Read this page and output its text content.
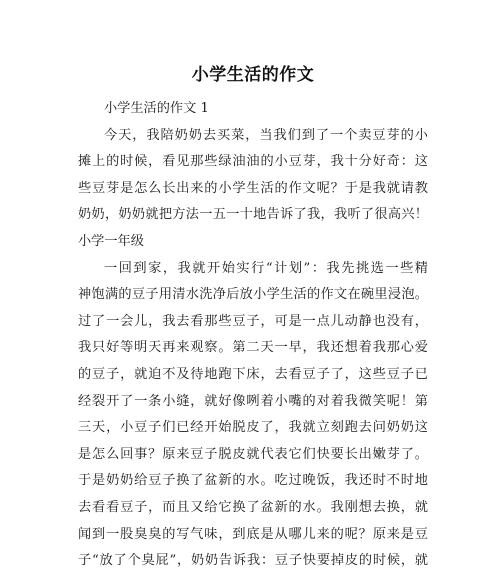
小学生活的作文
小学生活的作文 1
今天，我陪奶奶去买菜，当我们到了一个卖豆芽的小
摊上的时候，看见那些绿油油的小豆芽，我十分好奇：这
些豆芽是怎么长出来的小学生活的作文呢？于是我就请教
奶奶，奶奶就把方法一五一十地告诉了我，我听了很高兴！
小学一年级
一回到家，我就开始实行“计划”：我先挑选一些精
神饱满的豆子用清水洗净后放小学生活的作文在碗里浸泡。
过了一会儿，我去看那些豆子，可是一点儿动静也没有，
我只好等明天再来观察。第二天一早，我还想着我那心爱
的豆子，就迫不及待地跑下床，去看豆子了，这些豆子已
经裂开了一条小缝，就好像咧着小嘴的对着我微笑呢！第
三天，小豆子们已经开始脱皮了，我就立刻跑去问奶奶这
是怎么回事？原来豆子脱皮就代表它们快要长出嫩芽了。
于是奶奶给豆子换了盆新的水。吃过晚饭，我还时不时地
去看看豆子，而且又给它换了盆新的水。我刚想去换，就
闻到一股臭臭的写气味，到底是从哪儿来的呢？原来是豆
子“放了个臭屁”，奶奶告诉我：豆子快要掉皮的时候，就
